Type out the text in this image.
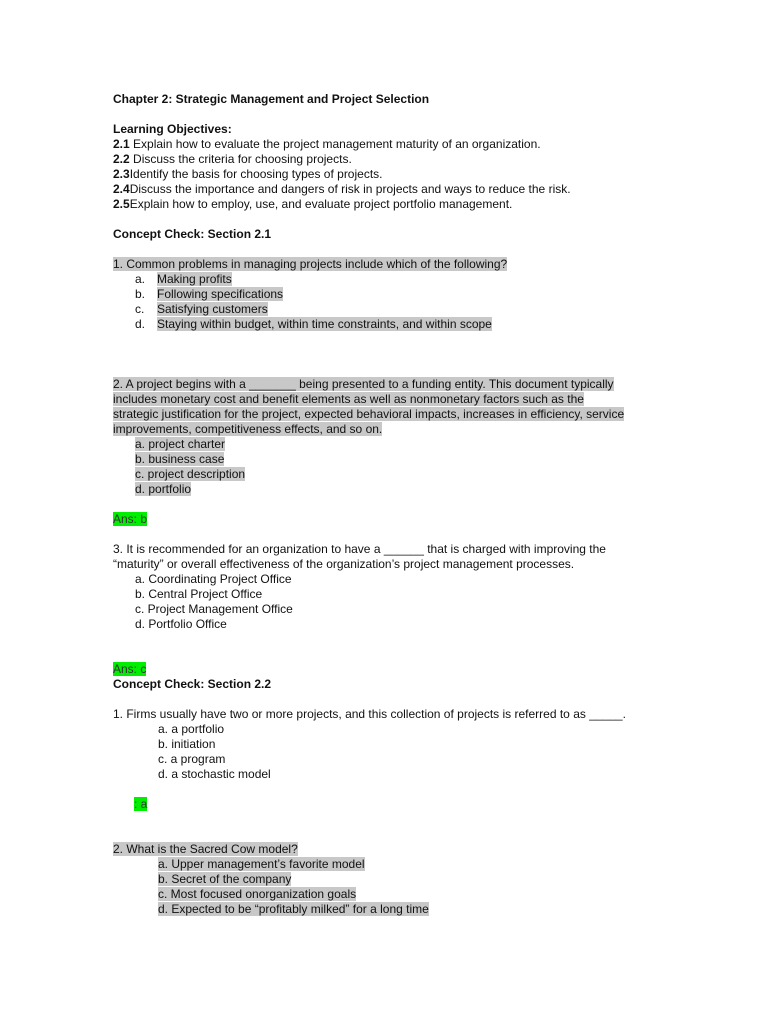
Chapter 2: Strategic Management and Project Selection
Learning Objectives:
2.1 Explain how to evaluate the project management maturity of an organization.
2.2 Discuss the criteria for choosing projects.
2.3Identify the basis for choosing types of projects.
2.4Discuss the importance and dangers of risk in projects and ways to reduce the risk.
2.5Explain how to employ, use, and evaluate project portfolio management.
Concept Check: Section 2.1
1. Common problems in managing projects include which of the following?
a. Making profits
b. Following specifications
c. Satisfying customers
d. Staying within budget, within time constraints, and within scope
2. A project begins with a _______ being presented to a funding entity. This document typically
includes monetary cost and benefit elements as well as nonmonetary factors such as the
strategic justification for the project, expected behavioral impacts, increases in efficiency, service
improvements, competitiveness effects, and so on.
a. project charter
b. business case
c. project description
d. portfolio
Ans: b
3. It is recommended for an organization to have a ______ that is charged with improving the
“maturity” or overall effectiveness of the organization’s project management processes.
a. Coordinating Project Office
b. Central Project Office
c. Project Management Office
d. Portfolio Office
Ans: c
Concept Check: Section 2.2
1. Firms usually have two or more projects, and this collection of projects is referred to as _____.
a. a portfolio
b. initiation
c. a program
d. a stochastic model
: a
2. What is the Sacred Cow model?
a. Upper management’s favorite model
b. Secret of the company
c. Most focused onorganization goals
d. Expected to be “profitably milked” for a long time
